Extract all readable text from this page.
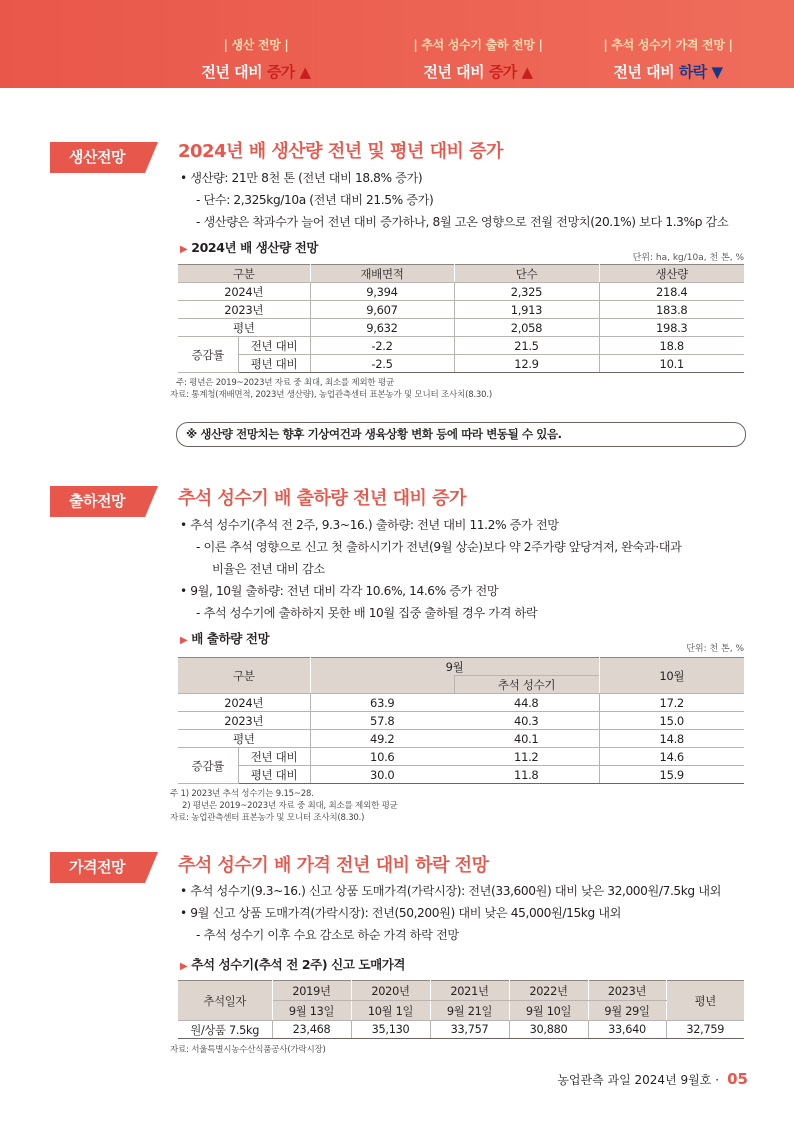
| 생산 전망 |
전년 대비 증가 ▲
| 추석 성수기 출하 전망 |
전년 대비 증가 ▲
| 추석 성수기 가격 전망 |
전년 대비 하락 ▼
생산전망	2024년 배 생산량 전년 및 평년 대비 증가
• 생산량: 21만 8천 톤 (전년 대비 18.8% 증가)
- 단수: 2,325kg/10a (전년 대비 21.5% 증가)
- 생산량은 착과수가 늘어 전년 대비 증가하나, 8월 고온 영향으로 전월 전망치(20.1%) 보다 1.3%p 감소
▶ 2024년 배 생산량 전망
단위: ha, kg/10a, 천 톤, %
구분		재배면적	단수	생산량
2024년		9,394	2,325	218.4
2023년		9,607	1,913	183.8
평년		9,632	2,058	198.3
증감률	전년 대비	-2.2	21.5	18.8
	평년 대비	-2.5	12.9	10.1
주: 평년은 2019~2023년 자료 중 최대, 최소를 제외한 평균
자료: 통계청(재배면적, 2023년 생산량), 농업관측센터 표본농가 및 모니터 조사치(8.30.)
※ 생산량 전망치는 향후 기상여건과 생육상황 변화 등에 따라 변동될 수 있음.
출하전망	추석 성수기 배 출하량 전년 대비 증가
• 추석 성수기(추석 전 2주, 9.3~16.) 출하량: 전년 대비 11.2% 증가 전망
- 이른 추석 영향으로 신고 첫 출하시기가 전년(9월 상순)보다 약 2주가량 앞당겨져, 완숙과·대과
비율은 전년 대비 감소
• 9월, 10월 출하량: 전년 대비 각각 10.6%, 14.6% 증가 전망
- 추석 성수기에 출하하지 못한 배 10월 집중 출하될 경우 가격 하락
▶ 배 출하량 전망
단위: 천 톤, %
구분		9월		10월
			추석 성수기	
2024년		63.9	44.8	17.2
2023년		57.8	40.3	15.0
평년		49.2	40.1	14.8
증감률	전년 대비	10.6	11.2	14.6
	평년 대비	30.0	11.8	15.9
주 1) 2023년 추석 성수기는 9.15~28.
2) 평년은 2019~2023년 자료 중 최대, 최소를 제외한 평균
자료: 농업관측센터 표본농가 및 모니터 조사치(8.30.)
가격전망	추석 성수기 배 가격 전년 대비 하락 전망
• 추석 성수기(9.3~16.) 신고 상품 도매가격(가락시장): 전년(33,600원) 대비 낮은 32,000원/7.5kg 내외
• 9월 신고 상품 도매가격(가락시장): 전년(50,200원) 대비 낮은 45,000원/15kg 내외
- 추석 성수기 이후 수요 감소로 하순 가격 하락 전망
▶ 추석 성수기(추석 전 2주) 신고 도매가격
추석일자	2019년	2020년	2021년	2022년	2023년	평년
	9월 13일	10월 1일	9월 21일	9월 10일	9월 29일	
원/상품 7.5kg	23,468	35,130	33,757	30,880	33,640	32,759
자료: 서울특별시농수산식품공사(가락시장)
농업관측 과일 2024년 9월호 · 05
